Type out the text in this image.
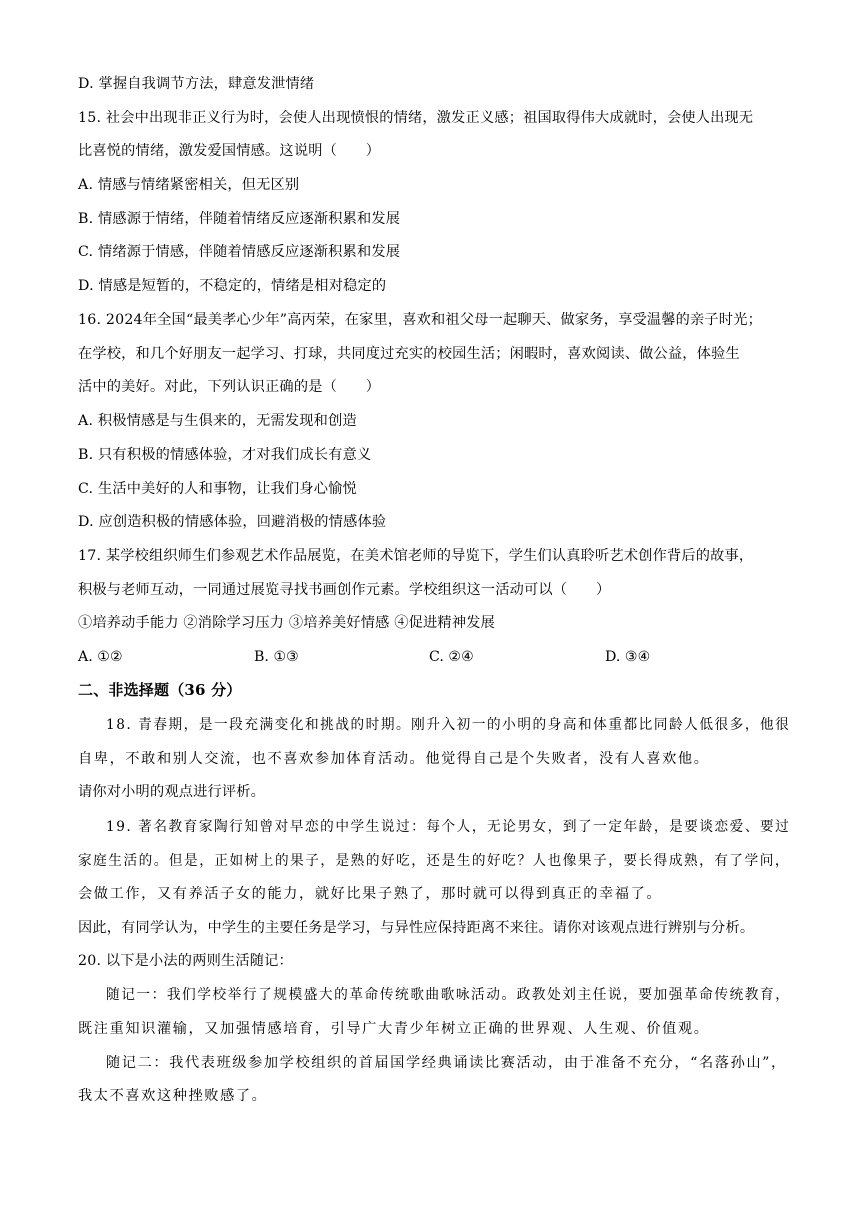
D. 掌握自我调节方法，肆意发泄情绪
15. 社会中出现非正义行为时，会使人出现愤恨的情绪，激发正义感；祖国取得伟大成就时，会使人出现无
比喜悦的情绪，激发爱国情感。这说明（　　）
A. 情感与情绪紧密相关，但无区别
B. 情感源于情绪，伴随着情绪反应逐渐积累和发展
C. 情绪源于情感，伴随着情感反应逐渐积累和发展
D. 情感是短暂的，不稳定的，情绪是相对稳定的
16. 2024年全国“最美孝心少年”高丙荣，在家里，喜欢和祖父母一起聊天、做家务，享受温馨的亲子时光；
在学校，和几个好朋友一起学习、打球，共同度过充实的校园生活；闲暇时，喜欢阅读、做公益，体验生
活中的美好。对此，下列认识正确的是（　　）
A. 积极情感是与生俱来的，无需发现和创造
B. 只有积极的情感体验，才对我们成长有意义
C. 生活中美好的人和事物，让我们身心愉悦
D. 应创造积极的情感体验，回避消极的情感体验
17. 某学校组织师生们参观艺术作品展览，在美术馆老师的导览下，学生们认真聆听艺术创作背后的故事，
积极与老师互动，一同通过展览寻找书画创作元素。学校组织这一活动可以（　　）
①培养动手能力 ②消除学习压力 ③培养美好情感 ④促进精神发展
A. ①②	B. ①③	C. ②④	D. ③④
二、非选择题（36 分）
18. 青春期，是一段充满变化和挑战的时期。刚升入初一的小明的身高和体重都比同龄人低很多，他很
自卑，不敢和别人交流，也不喜欢参加体育活动。他觉得自己是个失败者，没有人喜欢他。
请你对小明的观点进行评析。
19. 著名教育家陶行知曾对早恋的中学生说过：每个人，无论男女，到了一定年龄，是要谈恋爱、要过
家庭生活的。但是，正如树上的果子，是熟的好吃，还是生的好吃？人也像果子，要长得成熟，有了学问，
会做工作，又有养活子女的能力，就好比果子熟了，那时就可以得到真正的幸福了。
因此，有同学认为，中学生的主要任务是学习，与异性应保持距离不来往。请你对该观点进行辨别与分析。
20. 以下是小法的两则生活随记：
随记一：我们学校举行了规模盛大的革命传统歌曲歌咏活动。政教处刘主任说，要加强革命传统教育，
既注重知识灌输，又加强情感培育，引导广大青少年树立正确的世界观、人生观、价值观。
随记二：我代表班级参加学校组织的首届国学经典诵读比赛活动，由于准备不充分，“名落孙山”，
我太不喜欢这种挫败感了。
